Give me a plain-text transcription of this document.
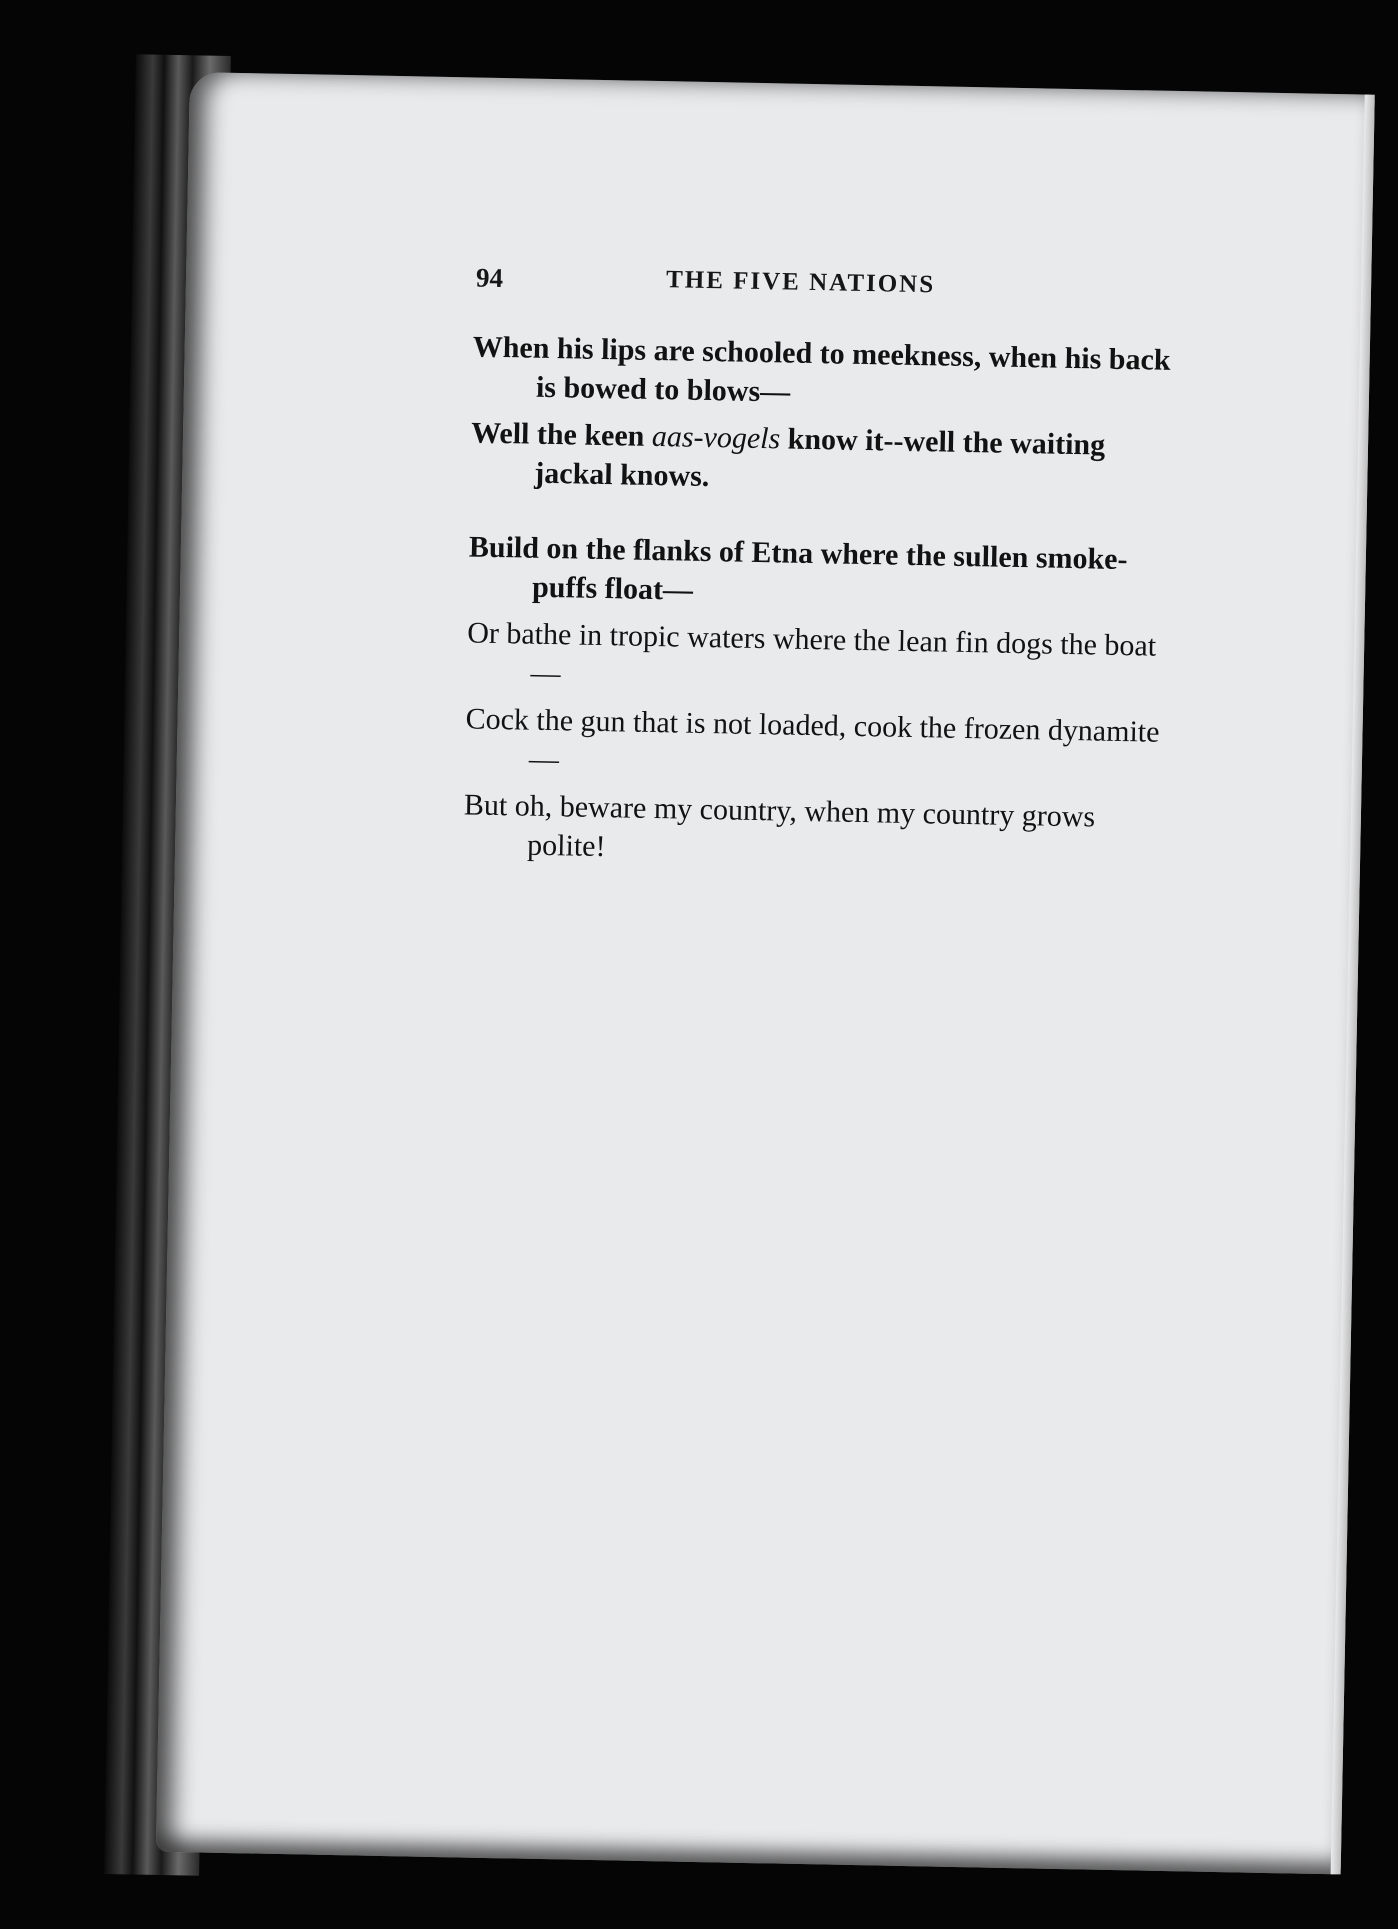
94	THE FIVE NATIONS
When his lips are schooled to meekness, when his back is bowed to blows—
Well the keen aas-vogels know it--well the waiting jackal knows.
Build on the flanks of Etna where the sullen smoke-puffs float—
Or bathe in tropic waters where the lean fin dogs the boat—
Cock the gun that is not loaded, cook the frozen dynamite—
But oh, beware my country, when my country grows polite!
